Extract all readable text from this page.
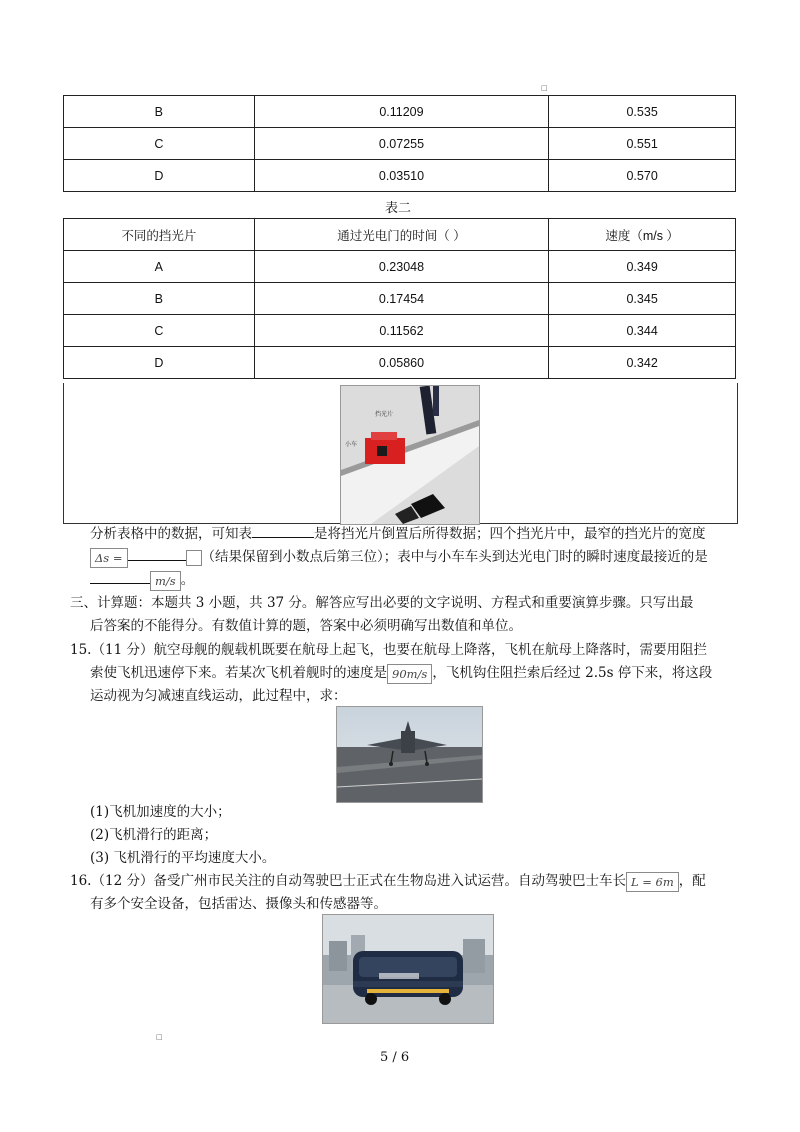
□
B	0.11209	0.535
C	0.07255	0.551
D	0.03510	0.570
表二
不同的挡光片	通过光电门的时间（ ）	速度（m/s ）
A	0.23048	0.349
B	0.17454	0.345
C	0.11562	0.344
D	0.05860	0.342
挡光片
小车
分析表格中的数据，可知表	是将挡光片倒置后所得数据；四个挡光片中，最窄的挡光片的宽度
Δs =	（结果保留到小数点后第三位）；表中与小车车头到达光电门时的瞬时速度最接近的是
m/s 。
三、计算题：本题共 3 小题，共 37 分。解答应写出必要的文字说明、方程式和重要演算步骤。只写出最
后答案的不能得分。有数值计算的题，答案中必须明确写出数值和单位。
15.（11 分）航空母舰的舰载机既要在航母上起飞，也要在航母上降落，飞机在航母上降落时，需要用阻拦
索使飞机迅速停下来。若某次飞机着舰时的速度是 90m/s ，飞机钩住阻拦索后经过 2.5s 停下来，将这段
运动视为匀减速直线运动，此过程中，求：
(1)飞机加速度的大小；
(2)飞机滑行的距离；
(3) 飞机滑行的平均速度大小。
16.（12 分）备受广州市民关注的自动驾驶巴士正式在生物岛进入试运营。自动驾驶巴士车长 L = 6m ，配
有多个安全设备，包括雷达、摄像头和传感器等。
□
5 / 6
